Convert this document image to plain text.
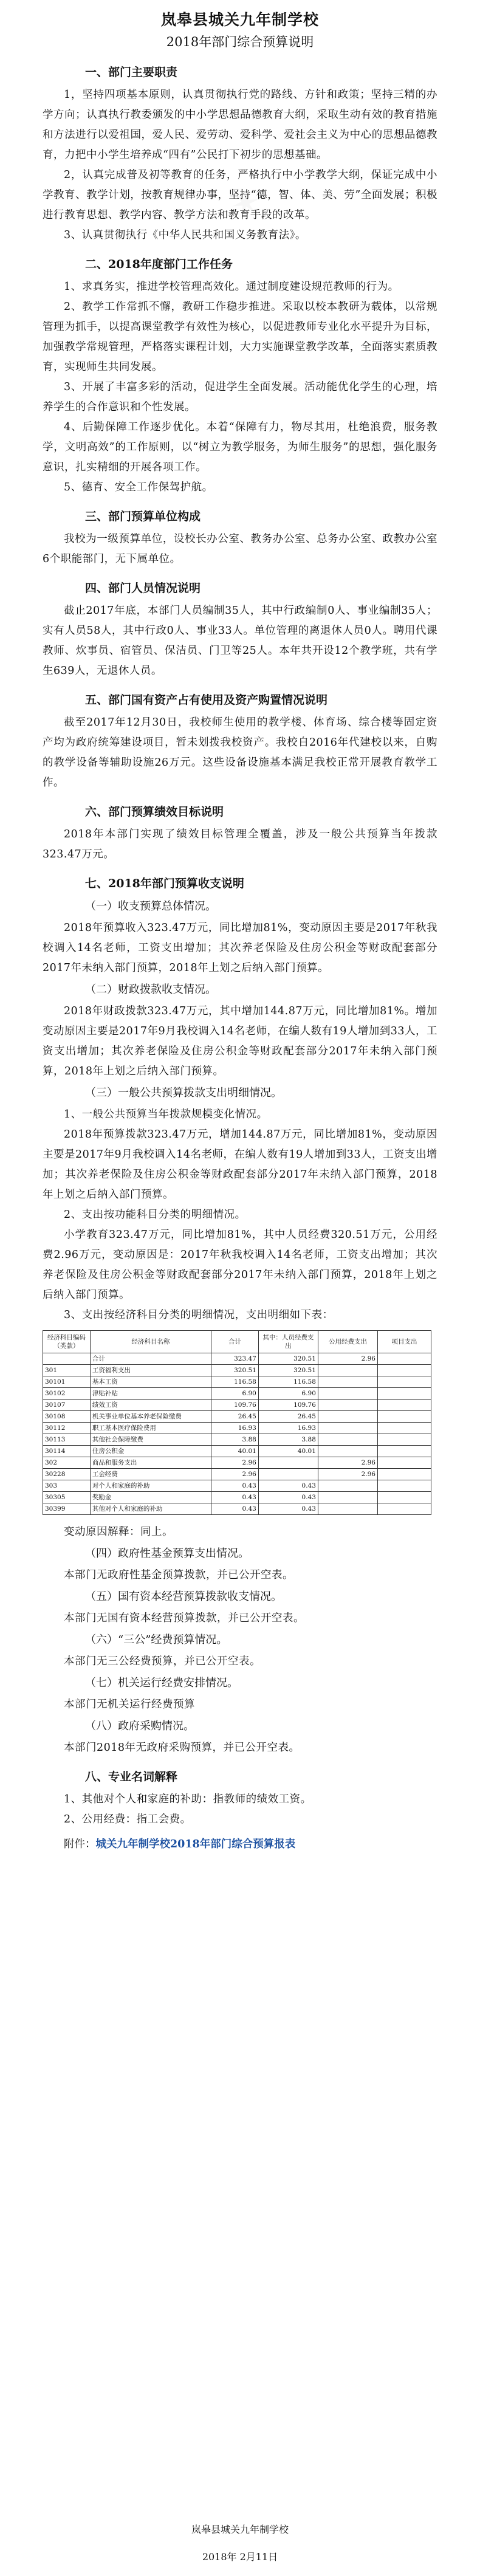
岚皋县城关九年制学校
2018年部门综合预算说明
一、部门主要职责

1，坚持四项基本原则，认真贯彻执行党的路线、方针和政策；坚持三精的办学方向；认真执行教委颁发的中小学思想品德教育大纲，采取生动有效的教育措施和方法进行以爱祖国，爱人民、爱劳动、爱科学、爱社会主义为中心的思想品德教育，力把中小学生培养成“四有”公民打下初步的思想基础。

2，认真完成普及初等教育的任务，严格执行中小学教学大纲，保证完成中小学教育、教学计划，按教育规律办事，坚持“德，智、体、美、劳”全面发展；积极进行教育思想、教学内容、教学方法和教育手段的改革。

3、认真贯彻执行《中华人民共和国义务教育法》。

二、2018年度部门工作任务

1、求真务实，推进学校管理高效化。通过制度建设规范教师的行为。

2、教学工作常抓不懈，教研工作稳步推进。采取以校本教研为载体，以常规管理为抓手，以提高课堂教学有效性为核心，以促进教师专业化水平提升为目标，加强教学常规管理，严格落实课程计划，大力实施课堂教学改革，全面落实素质教育，实现师生共同发展。

3、开展了丰富多彩的活动，促进学生全面发展。活动能优化学生的心理，培养学生的合作意识和个性发展。

4、后勤保障工作逐步优化。本着“保障有力，物尽其用，杜绝浪费，服务教学，文明高效”的工作原则，以“树立为教学服务，为师生服务”的思想，强化服务意识，扎实精细的开展各项工作。

5、德育、安全工作保驾护航。

三、部门预算单位构成

我校为一级预算单位，设校长办公室、教务办公室、总务办公室、政教办公室6个职能部门，无下属单位。

四、部门人员情况说明

截止2017年底，本部门人员编制35人，其中行政编制0人、事业编制35人；实有人员58人，其中行政0人、事业33人。单位管理的离退休人员0人。聘用代课教师、炊事员、宿管员、保洁员、门卫等25人。本年共开设12个教学班，共有学生639人，无退休人员。

五、部门国有资产占有使用及资产购置情况说明

截至2017年12月30日，我校师生使用的教学楼、体育场、综合楼等固定资产均为政府统筹建设项目，暂未划拨我校资产。我校自2016年代建校以来，自购的教学设备等辅助设施26万元。这些设备设施基本满足我校正常开展教育教学工作。

六、部门预算绩效目标说明

2018年本部门实现了绩效目标管理全覆盖，涉及一般公共预算当年拨款323.47万元。

七、2018年部门预算收支说明
（一）收支预算总体情况。

2018年预算收入323.47万元，同比增加81%，变动原因主要是2017年秋我校调入14名老师，工资支出增加；其次养老保险及住房公积金等财政配套部分2017年未纳入部门预算，2018年上划之后纳入部门预算。

（二）财政拨款收支情况。

2018年财政拨款323.47万元，其中增加144.87万元，同比增加81%。增加变动原因主要是2017年9月我校调入14名老师，在编人数有19人增加到33人，工资支出增加；其次养老保险及住房公积金等财政配套部分2017年未纳入部门预算，2018年上划之后纳入部门预算。

（三）一般公共预算拨款支出明细情况。

1、一般公共预算当年拨款规模变化情况。

2018年预算拨款323.47万元，增加144.87万元，同比增加81%，变动原因主要是2017年9月我校调入14名老师，在编人数有19人增加到33人，工资支出增加；其次养老保险及住房公积金等财政配套部分2017年未纳入部门预算，2018年上划之后纳入部门预算。

2、支出按功能科目分类的明细情况。

小学教育323.47万元，同比增加81%，其中人员经费320.51万元，公用经费2.96万元，变动原因是：2017年秋我校调入14名老师，工资支出增加；其次养老保险及住房公积金等财政配套部分2017年未纳入部门预算，2018年上划之后纳入部门预算。

3、支出按经济科目分类的明细情况，支出明细如下表：

经济科目编码（类款）	经济科目名称	合计	其中：人员经费支出	公用经费支出	项目支出
	合计	323.47	320.51	2.96	
301	工资福利支出	320.51	320.51		
30101	基本工资	116.58	116.58		
30102	津贴补贴	6.90	6.90		
30107	绩效工资	109.76	109.76		
30108	机关事业单位基本养老保险缴费	26.45	26.45		
30112	职工基本医疗保险费用	16.93	16.93		
30113	其他社会保障缴费	3.88	3.88		
30114	住房公积金	40.01	40.01		
302	商品和服务支出	2.96		2.96	
30228	工会经费	2.96		2.96	
303	对个人和家庭的补助	0.43	0.43		
30305	奖励金	0.43	0.43		
30399	其他对个人和家庭的补助	0.43	0.43		

变动原因解释：同上。

（四）政府性基金预算支出情况。

本部门无政府性基金预算拨款，并已公开空表。

（五）国有资本经营预算拨款收支情况。

本部门无国有资本经营预算拨款，并已公开空表。

（六）“三公”经费预算情况。

本部门无三公经费预算，并已公开空表。

（七）机关运行经费安排情况。

本部门无机关运行经费预算

（八）政府采购情况。

本部门2018年无政府采购预算，并已公开空表。

八、专业名词解释

1、其他对个人和家庭的补助：指教师的绩效工资。

2、公用经费：指工会费。

附件：城关九年制学校2018年部门综合预算报表
岚皋县城关九年制学校
2018年 2月11日
✶
